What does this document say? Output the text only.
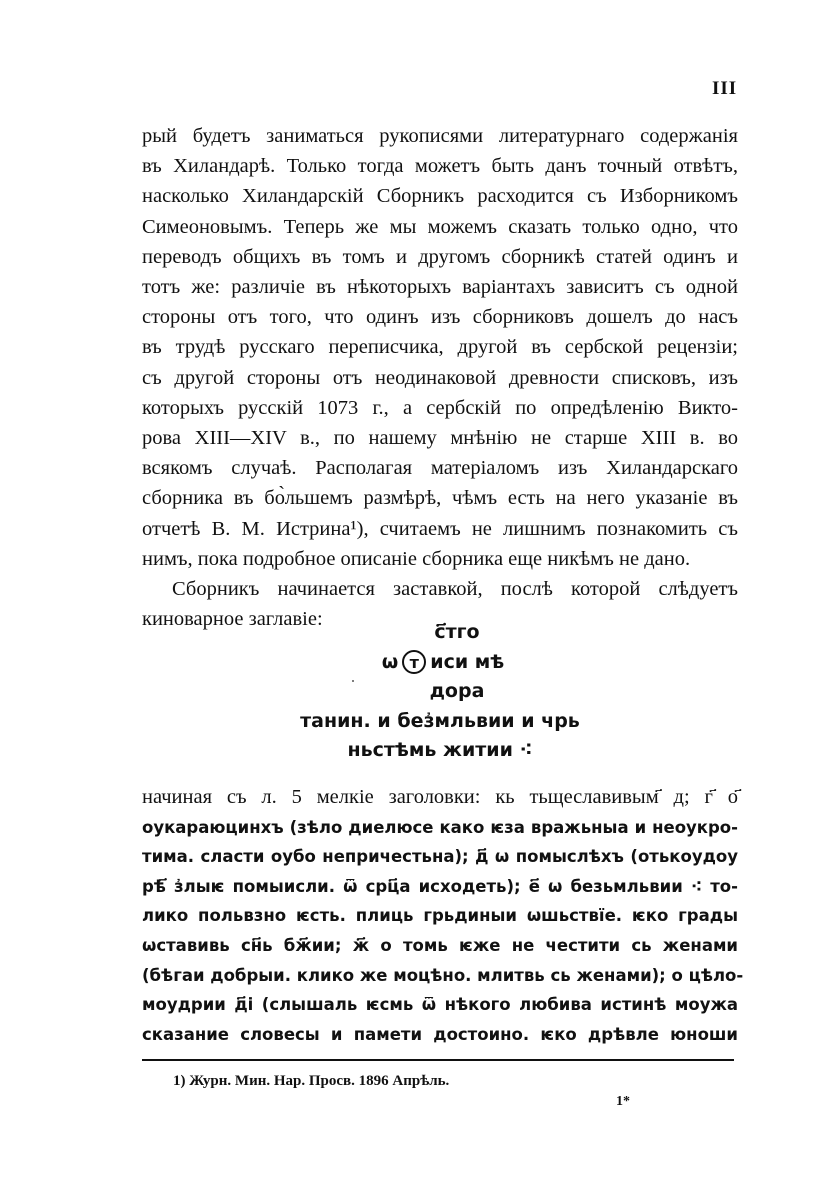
III
рый будетъ заниматься рукописями литературнаго содержанія
въ Хиландарѣ. Только тогда можетъ быть данъ точный отвѣтъ,
насколько Хиландарскій Сборникъ расходится съ Изборникомъ
Симеоновымъ. Теперь же мы можемъ сказать только одно, что
переводъ общихъ въ томъ и другомъ сборникѣ статей одинъ и
тотъ же: различіе въ нѣкоторыхъ варіантахъ зависитъ съ одной
стороны отъ того, что одинъ изъ сборниковъ дошелъ до насъ
въ трудѣ русскаго переписчика, другой въ сербской рецензіи;
съ другой стороны отъ неодинаковой древности списковъ, изъ
которыхъ русскій 1073 г., а сербскій по опредѣленію Викто-
рова XIII—XIV в., по нашему мнѣнію не старше XIII в. во
всякомъ случаѣ. Располагая матеріаломъ изъ Хиландарскаго
сборника въ бо̀льшемъ размѣрѣ, чѣмъ есть на него указаніе въ
отчетѣ В. М. Истрина¹), считаемъ не лишнимъ познакомить съ
нимъ, пока подробное описаніе сборника еще никѣмъ не дано.
Сборникъ начинается заставкой, послѣ которой слѣдуетъ
киноварное заглавіе:
с҃тго
ѡ т иси мѣ
дора
танин. и без҆мльвии и чрь
ньстѣмь житии ⁖
начиная съ л. 5 мелкіе заголовки: кь тьщеславивым҃ д; г҃ о҃
оукараюцинхъ (зѣло диелюсе како ѥза вражьныа и неоукро-
тима. сласти оубо непричестьна); д҃ ѡ помыслѣхъ (отькоудоу
рѣ҃ з҆лыѥ помыисли. ѿ срц҃а исходеть); е҃ ѡ безьмльвии ⁖ то-
лико польвзно ѥсть. плиць грьдиныи ѡшьствїе. ѥко грады
ѡставивь сн҃ь бж҃ии; ж҃ о томь ѥже не честити сь женами
(бѣгаи добрыи. клико же моцѣно. млитвь сь женами); о цѣло-
моудрии д҃і (слышаль ѥсмь ѿ нѣкого любива истинѣ моужа
сказание словесы и памети достоино. ѥко дрѣвле юноши
1) Журн. Мин. Нар. Просв. 1896 Апрѣль.
1*
